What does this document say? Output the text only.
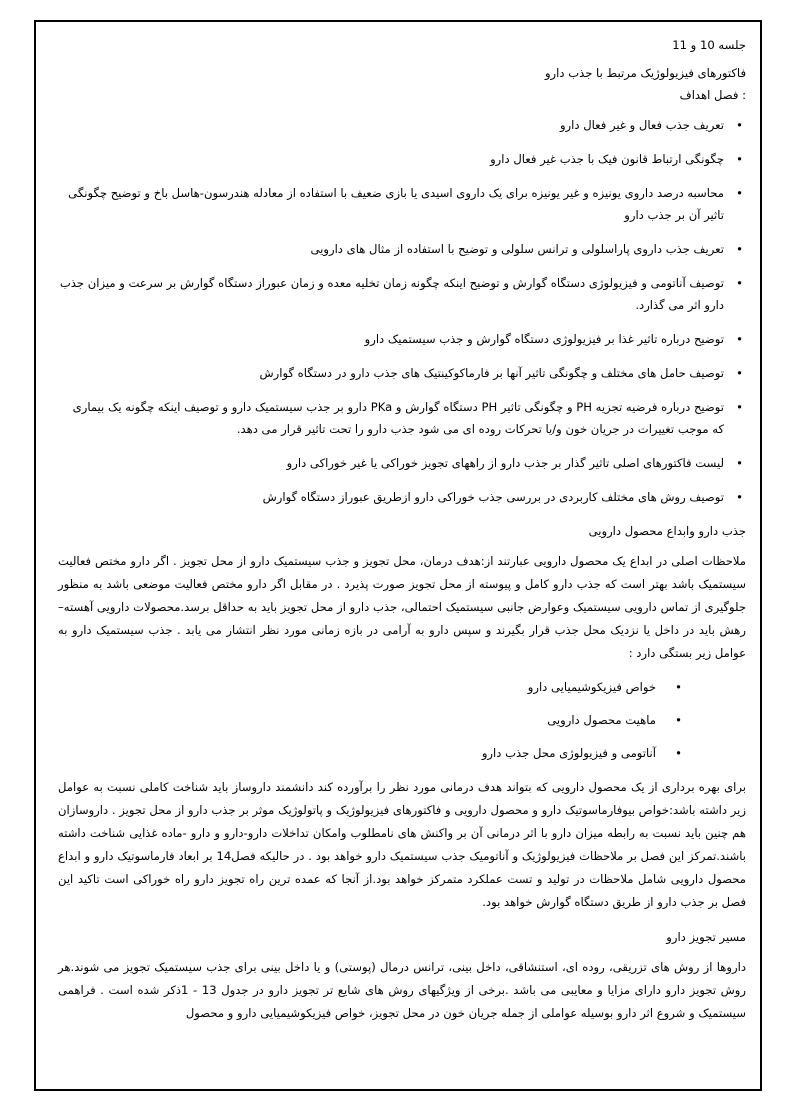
جلسه 10 و 11

فاکتورهای فیزیولوژیک مرتبط با جذب دارو

: فصل اهداف

• تعریف جذب فعال و غیر فعال دارو
• چگونگی ارتباط قانون فیک با جذب غیر فعال دارو
• محاسبه درصد داروی یونیزه و غیر یونیزه برای یک داروی اسیدی یا بازی ضعیف با استفاده از معادله هندرسون-هاسل باخ و توضیح چگونگی تاثیر آن بر جذب دارو
• تعریف جذب داروی پاراسلولی و ترانس سلولی و توضیح با استفاده از مثال های دارویی
• توصیف آناتومی و فیزیولوژی دستگاه گوارش و توضیح اینکه چگونه زمان تخلیه معده و زمان عبوراز دستگاه گوارش بر سرعت و میزان جذب دارو اثر می گذارد.
• توضیح درباره تاثیر غذا بر فیزیولوژی دستگاه گوارش و جذب سیستمیک دارو
• توصیف حامل های مختلف و چگونگی تاثیر آنها بر فارماکوکینتیک های جذب دارو در دستگاه گوارش
• توضیح درباره فرضیه تجزیه PH و چگونگی تاثیر PH دستگاه گوارش و PKa دارو بر جذب سیستمیک دارو و توصیف اینکه چگونه یک بیماری که موجب تغییرات در جریان خون و/یا تحرکات روده ای می شود جذب دارو را تحت تاثیر قرار می دهد.
• لیست فاکتورهای اصلی تاثیر گذار بر جذب دارو از راههای تجویز خوراکی یا غیر خوراکی دارو
• توصیف روش های مختلف کاربردی در بررسی جذب خوراکی دارو ازطریق عبوراز دستگاه گوارش

جذب دارو وابداع محصول دارویی

ملاحظات اصلی در ابداع یک محصول دارویی عبارتند از:هدف درمان، محل تجویز و جذب سیستمیک دارو از محل تجویز . اگر دارو مختص فعالیت سیستمیک باشد بهتر است که جذب دارو کامل و پیوسته از محل تجویز صورت پذیرد . در مقابل اگر دارو مختص فعالیت موضعی باشد به منظور جلوگیری از تماس دارویی سیستمیک وعوارض جانبی سیستمیک احتمالی، جذب دارو از محل تجویز باید به حداقل برسد.محصولات دارویی آهسته– رهش باید در داخل یا نزدیک محل جذب قرار بگیرند و سپس دارو به آرامی در بازه زمانی مورد نظر انتشار می یابد . جذب سیستمیک دارو به عوامل زیر بستگی دارد :

• خواص فیزیکوشیمیایی دارو
• ماهیت محصول دارویی
• آناتومی و فیزیولوژی محل جذب دارو

برای بهره برداری از یک محصول دارویی که بتواند هدف درمانی مورد نظر را برآورده کند دانشمند داروساز باید شناخت کاملی نسبت به عوامل زیر داشته باشد:خواص بیوفارماسوتیک دارو و محصول دارویی و فاکتورهای فیزیولوژیک و پاتولوژیک موثر بر جذب دارو از محل تجویز . داروسازان هم چنین باید نسبت به رابطه میزان دارو با اثر درمانی آن بر واکنش های نامطلوب وامکان تداخلات دارو-دارو و دارو -ماده غذایی شناخت داشته باشند.تمرکز این فصل بر ملاحظات فیزیولوژیک و آناتومیک جذب سیستمیک دارو خواهد بود . در حالیکه فصل14 بر ابعاد فارماسوتیک دارو و ابداع محصول دارویی شامل ملاحظات در تولید و تست عملکرد متمرکز خواهد بود.از آنجا که عمده ترین راه تجویز دارو راه خوراکی است تاکید این فصل بر جذب دارو از طریق دستگاه گوارش خواهد بود.

مسیر تجویز دارو

داروها از روش های تزریقی، روده ای، استنشاقی، داخل بینی، ترانس درمال (پوستی) و یا داخل بینی برای جذب سیستمیک تجویز می شوند.هر روش تجویز دارو دارای مزایا و معایبی می باشد .برخی از ویژگیهای روش های شایع تر تجویز دارو در جدول 13 - 1ذکر شده است . فراهمی سیستمیک و شروع اثر دارو بوسیله عواملی از جمله جریان خون در محل تجویز، خواص فیزیکوشیمیایی دارو و محصول
